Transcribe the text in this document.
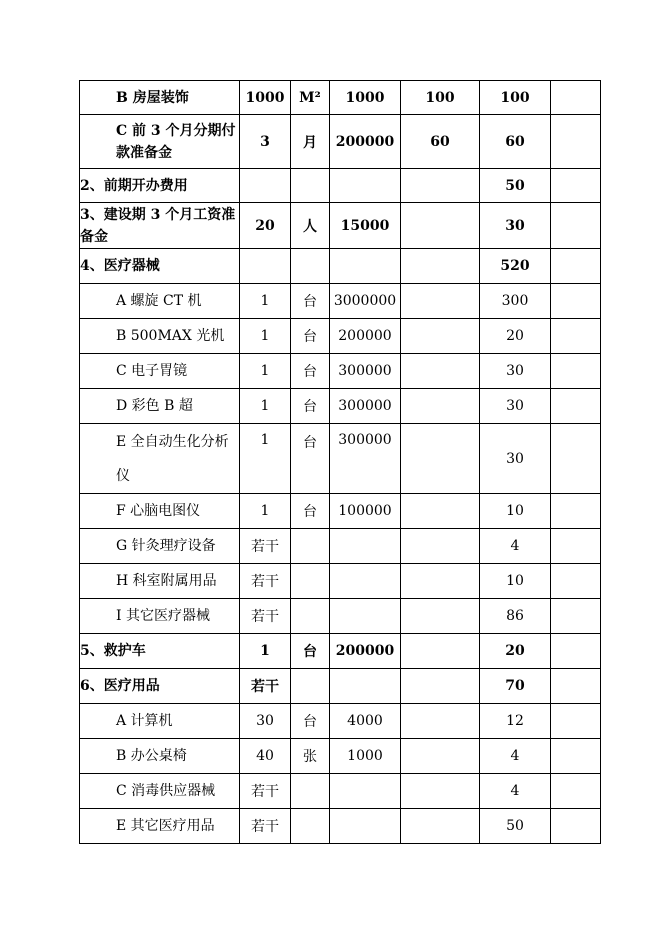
B 房屋装饰	1000	M²	1000	100	100	
C 前 3 个月分期付款准备金	3	月	200000	60	60	
2、前期开办费用					50	
3、建设期 3 个月工资准备金	20	人	15000		30	
4、医疗器械					520	
A 螺旋 CT 机	1	台	3000000		300	
B 500MAX 光机	1	台	200000		20	
C 电子胃镜	1	台	300000		30	
D 彩色 B 超	1	台	300000		30	
E 全自动生化分析仪	1	台	300000		30	
F 心脑电图仪	1	台	100000		10	
G 针灸理疗设备	若干				4	
H 科室附属用品	若干				10	
I 其它医疗器械	若干				86	
5、救护车	1	台	200000		20	
6、医疗用品	若干				70	
A 计算机	30	台	4000		12	
B 办公桌椅	40	张	1000		4	
C 消毒供应器械	若干				4	
E 其它医疗用品	若干				50	
